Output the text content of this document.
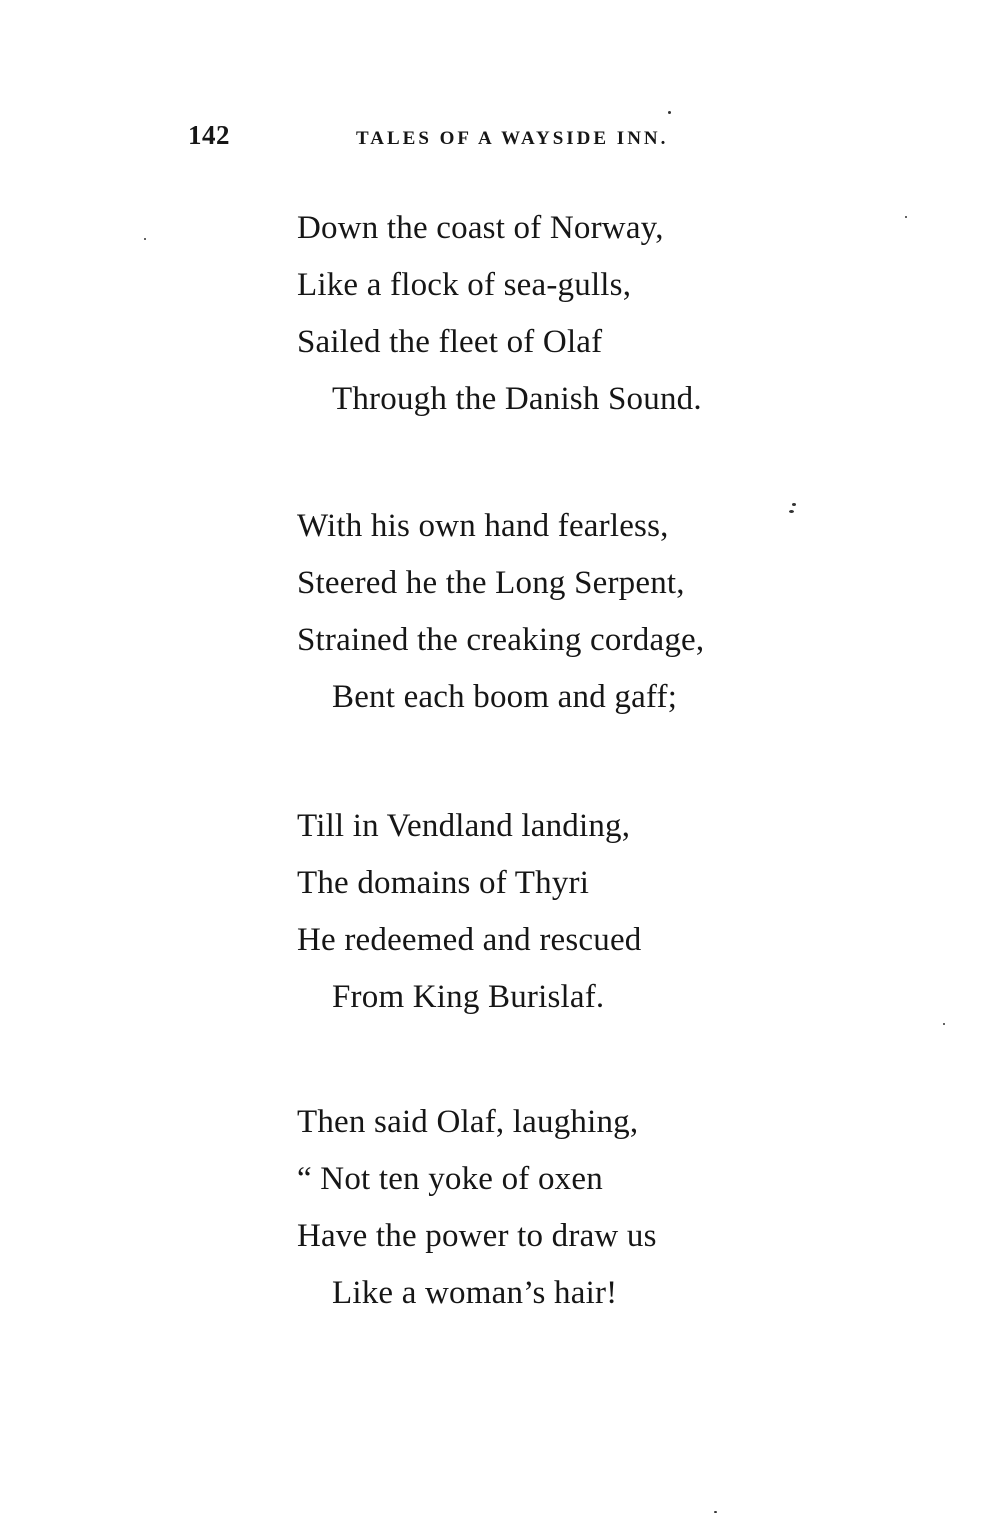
142	TALES OF A WAYSIDE INN.
Down the coast of Norway,
Like a flock of sea-gulls,
Sailed the fleet of Olaf
Through the Danish Sound.
With his own hand fearless,
Steered he the Long Serpent,
Strained the creaking cordage,
Bent each boom and gaff;
Till in Vendland landing,
The domains of Thyri
He redeemed and rescued
From King Burislaf.
Then said Olaf, laughing,
“ Not ten yoke of oxen
Have the power to draw us
Like a woman’s hair!
